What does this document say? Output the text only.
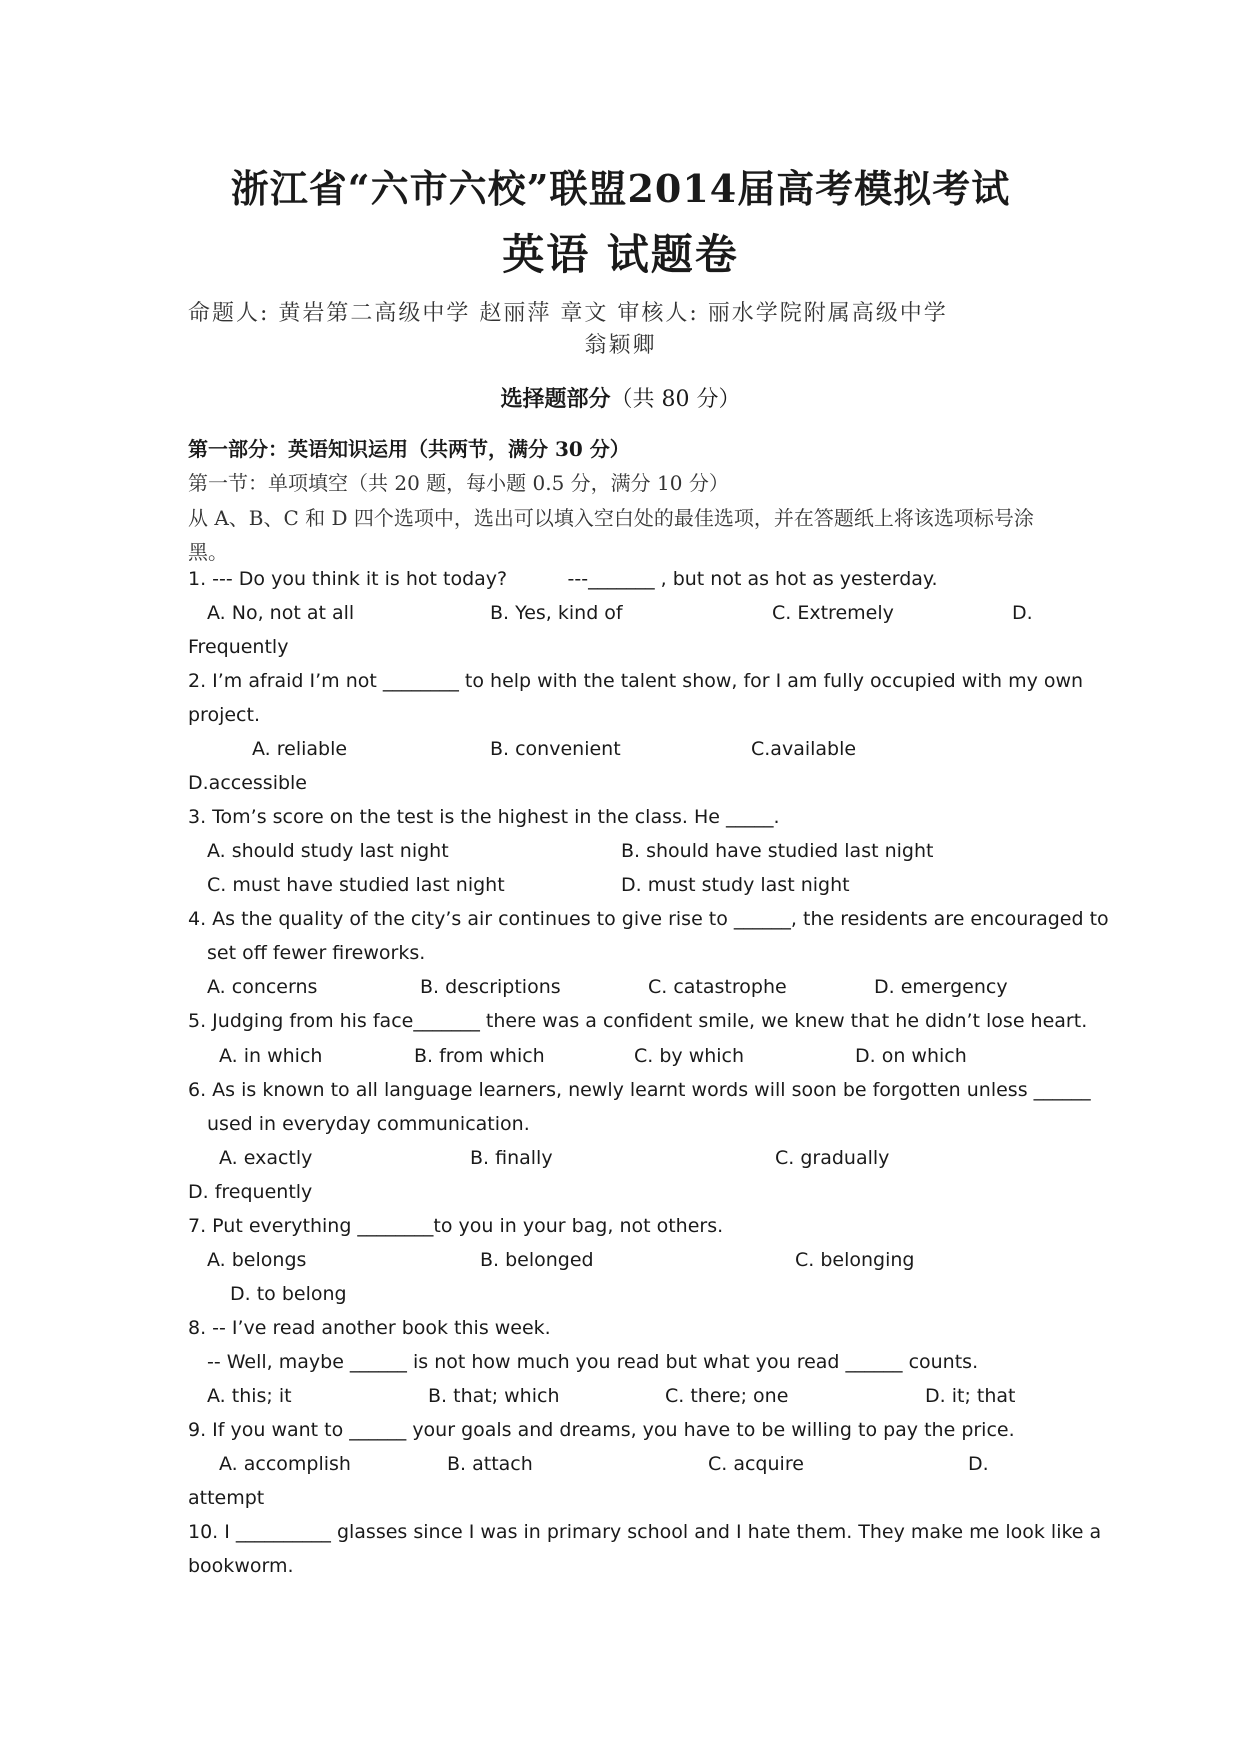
浙江省“六市六校”联盟2014届高考模拟考试
英语 试题卷
命题人: 黄岩第二高级中学 赵丽萍 章文 审核人: 丽水学院附属高级中学
翁颖卿
选择题部分（共 80 分）
第一部分：英语知识运用（共两节，满分 30 分）
第一节：单项填空（共 20 题，每小题 0.5 分，满分 10 分）
从 A、B、C 和 D 四个选项中，选出可以填入空白处的最佳选项，并在答题纸上将该选项标号涂黑。
1. --- Do you think it is hot today?          ---_______ , but not as hot as yesterday.
A. No, not at all	B. Yes, kind of	C. Extremely	D.
Frequently
2. I’m afraid I’m not ________ to help with the talent show, for I am fully occupied with my own
project.
A. reliable	B. convenient	C.available
D.accessible
3. Tom’s score on the test is the highest in the class. He _____.
A. should study last night	B. should have studied last night
C. must have studied last night	D. must study last night
4. As the quality of the city’s air continues to give rise to ______, the residents are encouraged to
set off fewer fireworks.
A. concerns	B. descriptions	C. catastrophe	D. emergency
5. Judging from his face_______ there was a confident smile, we knew that he didn’t lose heart.
A. in which	B. from which	C. by which	D. on which
6. As is known to all language learners, newly learnt words will soon be forgotten unless ______
used in everyday communication.
A. exactly	B. finally	C. gradually
D. frequently
7. Put everything ________to you in your bag, not others.
A. belongs	B. belonged	C. belonging
D. to belong
8. -- I’ve read another book this week.
-- Well, maybe ______ is not how much you read but what you read ______ counts.
A. this; it	B. that; which	C. there; one	D. it; that
9. If you want to ______ your goals and dreams, you have to be willing to pay the price.
A. accomplish	B. attach	C. acquire	D.
attempt
10. I __________ glasses since I was in primary school and I hate them. They make me look like a
bookworm.
